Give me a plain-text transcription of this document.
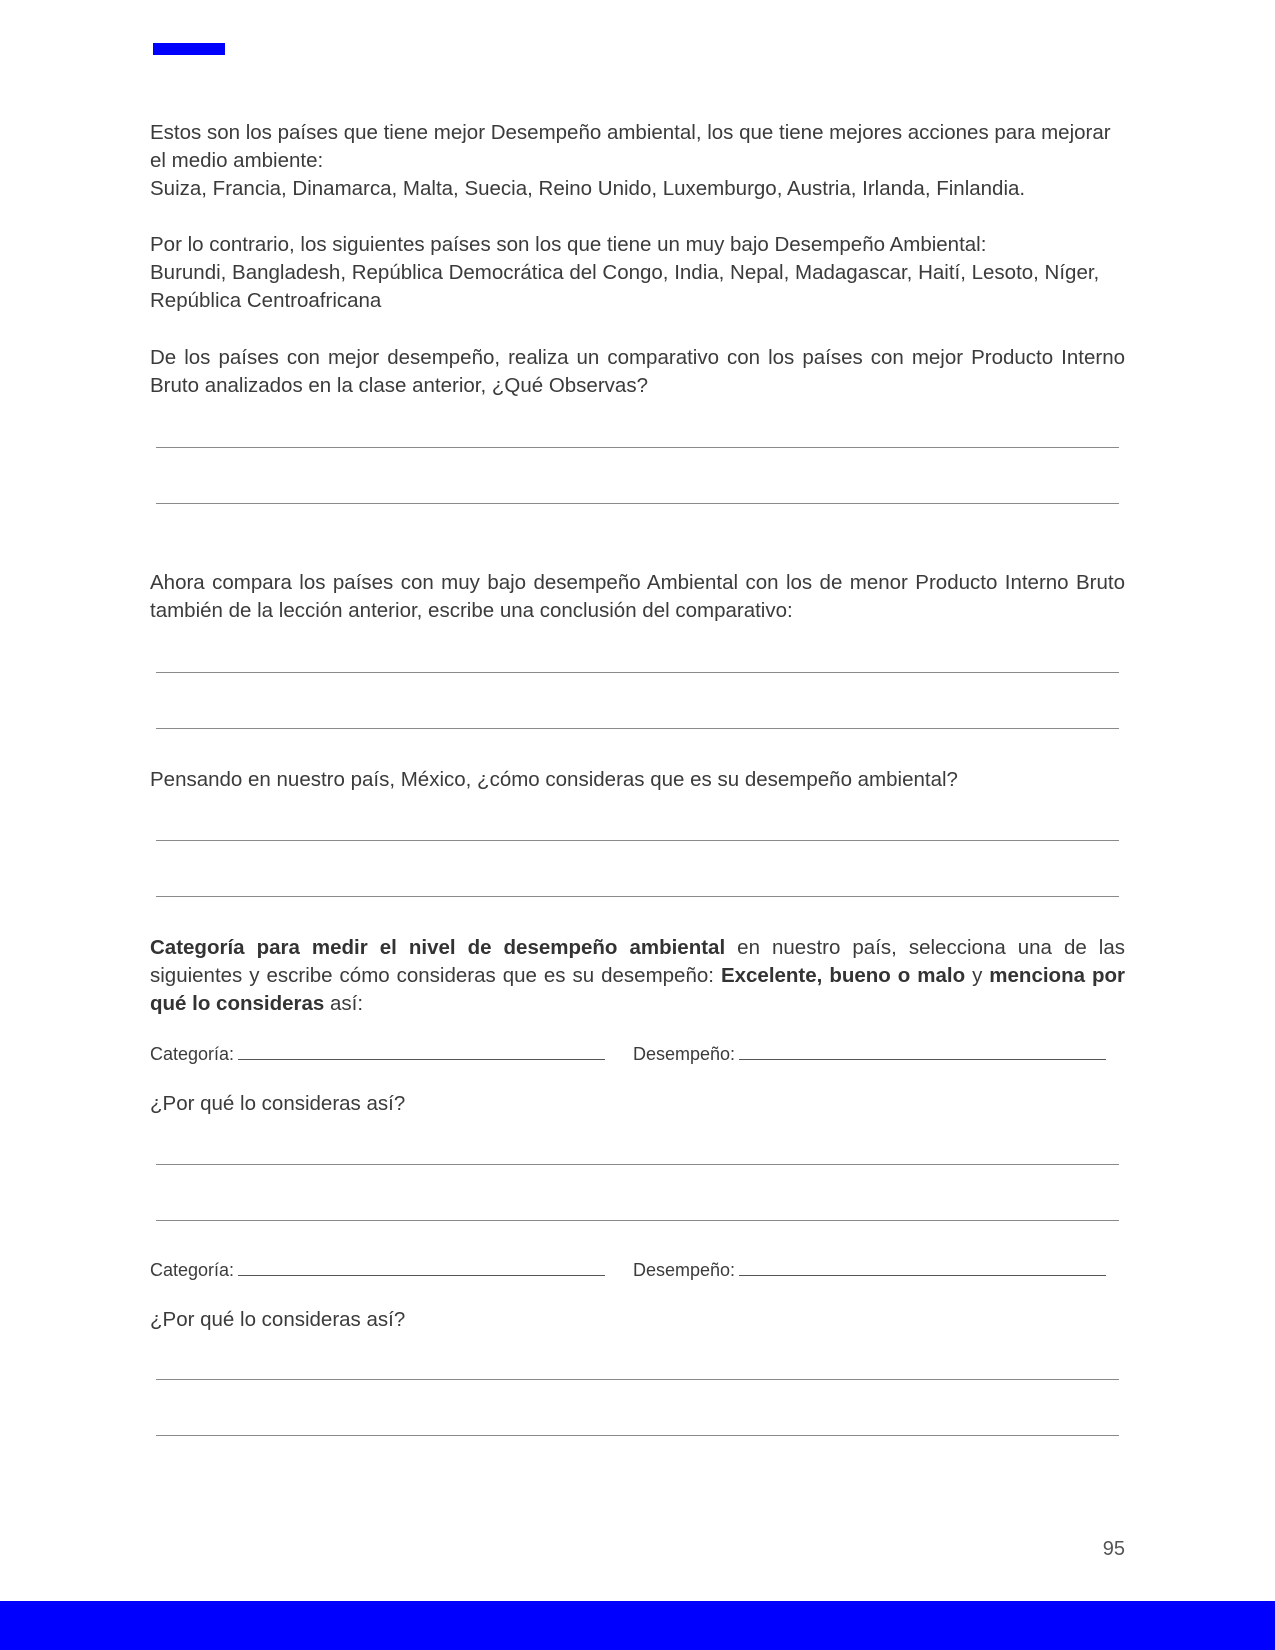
Estos son los países que tiene mejor Desempeño ambiental, los que tiene mejores acciones para mejorar el medio ambiente:
Suiza, Francia, Dinamarca, Malta, Suecia, Reino Unido, Luxemburgo, Austria, Irlanda, Finlandia.

Por lo contrario, los siguientes países son los que tiene un muy bajo Desempeño Ambiental:
Burundi, Bangladesh, República Democrática del Congo, India, Nepal, Madagascar, Haití, Lesoto, Níger, República Centroafricana

De los países con mejor desempeño, realiza un comparativo con los países con mejor Producto Interno Bruto analizados en la clase anterior, ¿Qué Observas?

Ahora compara los países con muy bajo desempeño Ambiental con los de menor Producto Interno Bruto también de la lección anterior, escribe una conclusión del comparativo:

Pensando en nuestro país, México, ¿cómo consideras que es su desempeño ambiental?

Categoría para medir el nivel de desempeño ambiental en nuestro país, selecciona una de las siguientes y escribe cómo consideras que es su desempeño: Excelente, bueno o malo y menciona por qué lo consideras así:

Categoría:	Desempeño:

¿Por qué lo consideras así?

Categoría:	Desempeño:

¿Por qué lo consideras así?

95
